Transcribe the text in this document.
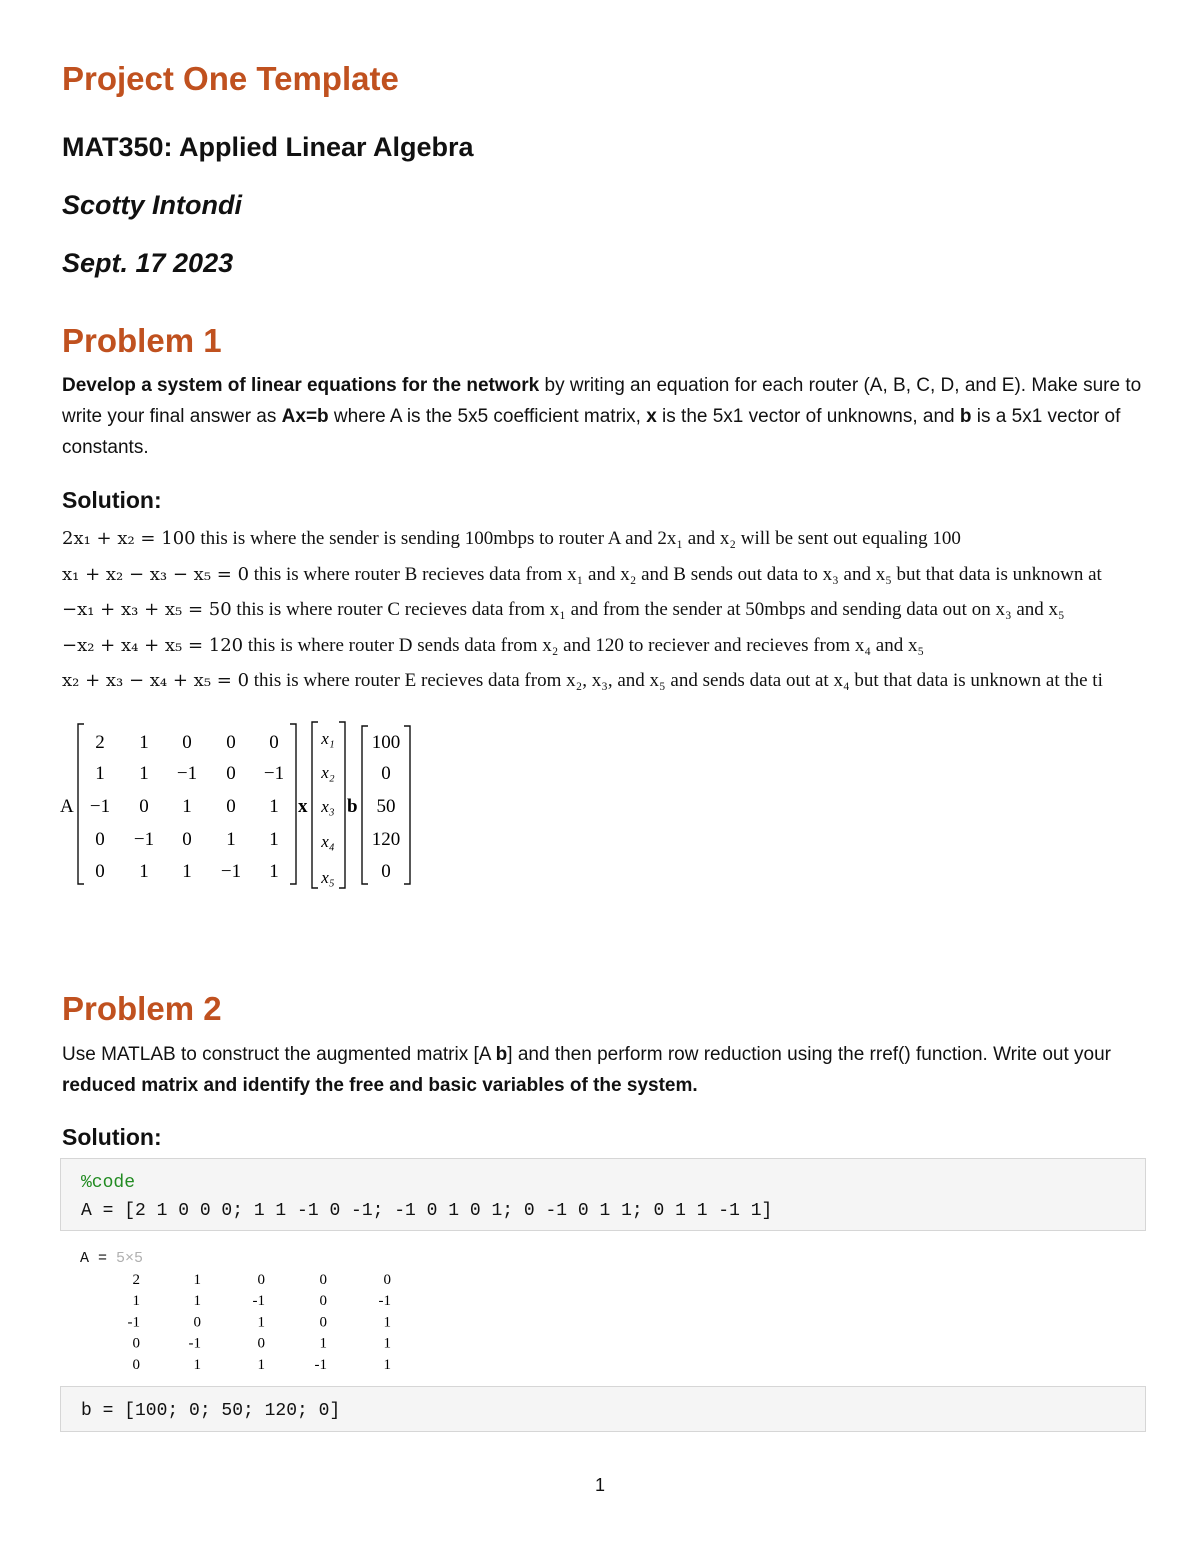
Project One Template
MAT350: Applied Linear Algebra
Scotty Intondi
Sept. 17 2023
Problem 1

Develop a system of linear equations for the network by writing an equation for each router (A, B, C, D, and E). Make sure to write your final answer as Ax=b where A is the 5x5 coefficient matrix, x is the 5x1 vector of unknowns, and b is a 5x1 vector of constants.

Solution:
2x₁ + x₂ = 100 this is where the sender is sending 100mbps to router A and 2x₁ and x₂ will be sent out equaling 100
x₁ + x₂ − x₃ − x₅ = 0 this is where router B recieves data from x₁ and x₂ and B sends out data to x₃ and x₅ but that data is unknown at
−x₁ + x₃ + x₅ = 50 this is where router C recieves data from x₁ and from the sender at 50mbps and sending data out on x₃ and x₅
−x₂ + x₄ + x₅ = 120 this is where router D sends data from x₂ and 120 to reciever and recieves from x₄ and x₅
x₂ + x₃ − x₄ + x₅ = 0 this is where router E recieves data from x₂, x₃, and x₅ and sends data out at x₄ but that data is unknown at the ti
A
2 1 0 0 0
1 1 −1 0 −1
−1 0 1 0 1
0 −1 0 1 1
0 1 1 −1 1
x
x₁
x₂
x₃
x₄
x₅
b
100
0
50
120
0
Problem 2

Use MATLAB to construct the augmented matrix [A b] and then perform row reduction using the rref() function. Write out your reduced matrix and identify the free and basic variables of the system.

Solution:
%code
A = [2 1 0 0 0; 1 1 -1 0 -1; -1 0 1 0 1; 0 -1 0 1 1; 0 1 1 -1 1]
A = 5×5
2	1	0	0	0
1	1	-1	0	-1
-1	0	1	0	1
0	-1	0	1	1
0	1	1	-1	1
b = [100; 0; 50; 120; 0]
1
